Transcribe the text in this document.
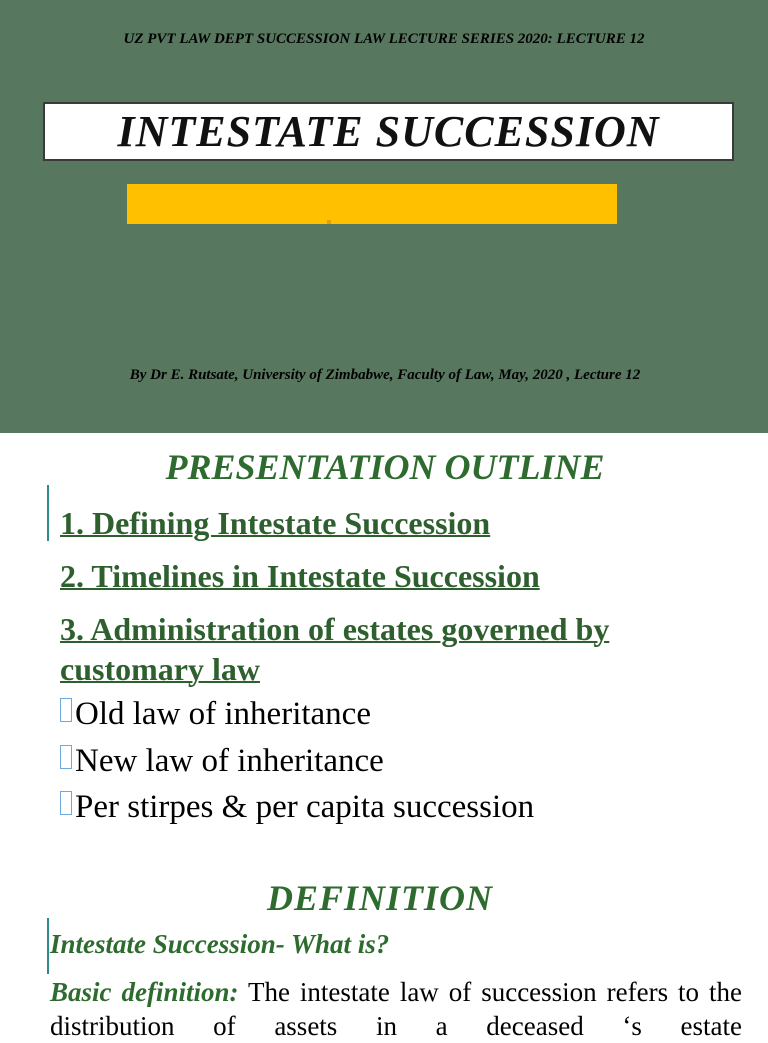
UZ PVT LAW DEPT SUCCESSION LAW LECTURE SERIES 2020: LECTURE 12
INTESTATE SUCCESSION
By Dr E. Rutsate, University of Zimbabwe, Faculty of Law, May, 2020 , Lecture 12
PRESENTATION OUTLINE
1. Defining Intestate Succession
2. Timelines in Intestate Succession
3. Administration of estates governed by customary law
Old law of inheritance
New law of inheritance
Per stirpes & per capita succession
DEFINITION
Intestate Succession- What is?
Basic definition: The intestate law of succession refers to the distribution of assets in a deceased ‘s estate
